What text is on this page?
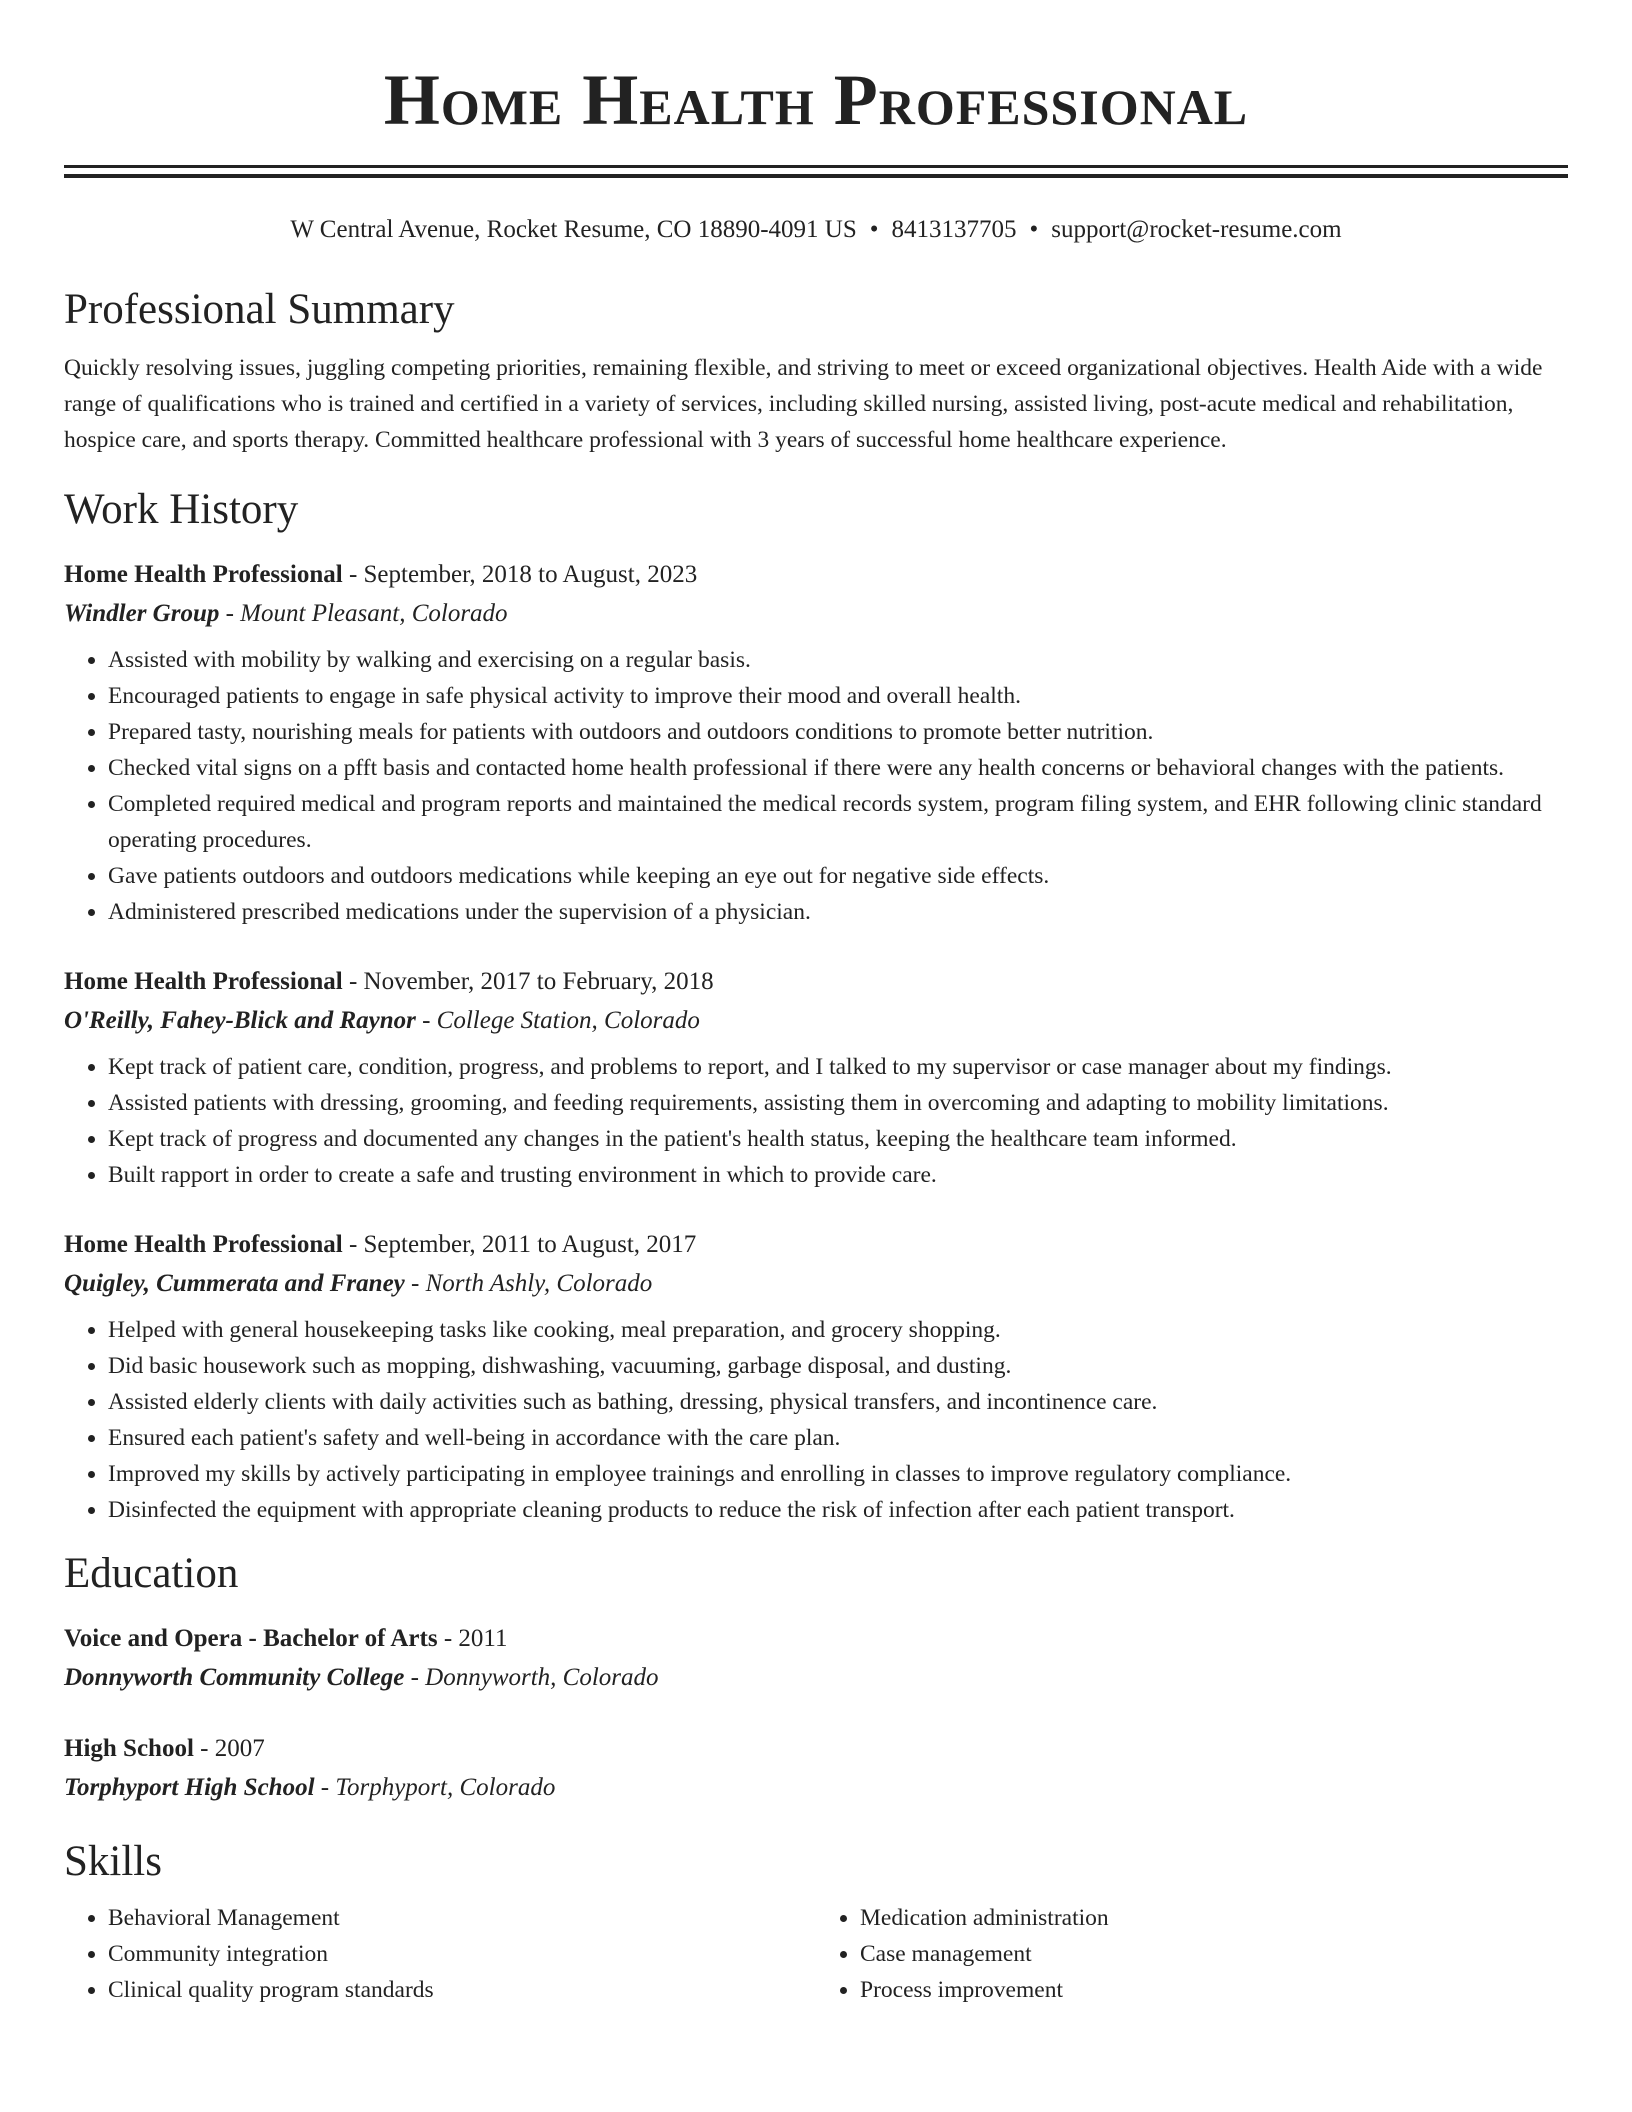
Home Health Professional
W Central Avenue, Rocket Resume, CO 18890-4091 US • 8413137705 • support@rocket-resume.com
Professional Summary

Quickly resolving issues, juggling competing priorities, remaining flexible, and striving to meet or exceed organizational objectives. Health Aide with a wide range of qualifications who is trained and certified in a variety of services, including skilled nursing, assisted living, post-acute medical and rehabilitation, hospice care, and sports therapy. Committed healthcare professional with 3 years of successful home healthcare experience.

Work History
Home Health Professional - September, 2018 to August, 2023
Windler Group - Mount Pleasant, Colorado
• Assisted with mobility by walking and exercising on a regular basis.
• Encouraged patients to engage in safe physical activity to improve their mood and overall health.
• Prepared tasty, nourishing meals for patients with outdoors and outdoors conditions to promote better nutrition.
• Checked vital signs on a pfft basis and contacted home health professional if there were any health concerns or behavioral changes with the patients.
• Completed required medical and program reports and maintained the medical records system, program filing system, and EHR following clinic standard operating procedures.
• Gave patients outdoors and outdoors medications while keeping an eye out for negative side effects.
• Administered prescribed medications under the supervision of a physician.
Home Health Professional - November, 2017 to February, 2018
O'Reilly, Fahey-Blick and Raynor - College Station, Colorado
• Kept track of patient care, condition, progress, and problems to report, and I talked to my supervisor or case manager about my findings.
• Assisted patients with dressing, grooming, and feeding requirements, assisting them in overcoming and adapting to mobility limitations.
• Kept track of progress and documented any changes in the patient's health status, keeping the healthcare team informed.
• Built rapport in order to create a safe and trusting environment in which to provide care.
Home Health Professional - September, 2011 to August, 2017
Quigley, Cummerata and Franey - North Ashly, Colorado
• Helped with general housekeeping tasks like cooking, meal preparation, and grocery shopping.
• Did basic housework such as mopping, dishwashing, vacuuming, garbage disposal, and dusting.
• Assisted elderly clients with daily activities such as bathing, dressing, physical transfers, and incontinence care.
• Ensured each patient's safety and well-being in accordance with the care plan.
• Improved my skills by actively participating in employee trainings and enrolling in classes to improve regulatory compliance.
• Disinfected the equipment with appropriate cleaning products to reduce the risk of infection after each patient transport.
Education
Voice and Opera - Bachelor of Arts - 2011
Donnyworth Community College - Donnyworth, Colorado
High School - 2007
Torphyport High School - Torphyport, Colorado
Skills
• Behavioral Management
• Community integration
• Clinical quality program standards
• Medication administration
• Case management
• Process improvement
